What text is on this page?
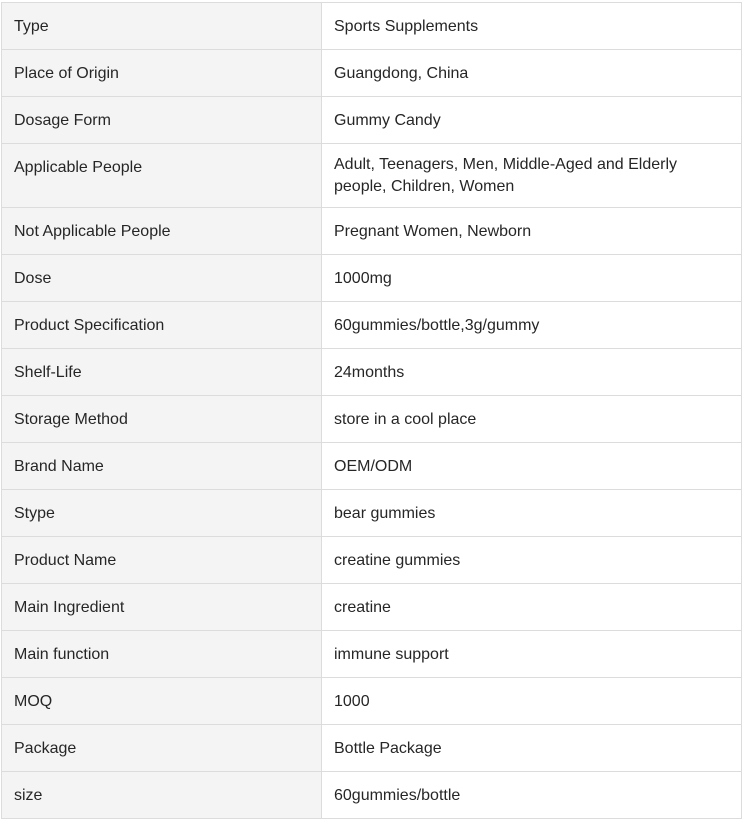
Type	Sports Supplements
Place of Origin	Guangdong, China
Dosage Form	Gummy Candy
Applicable People	Adult, Teenagers, Men, Middle-Aged and Elderly people, Children, Women
Not Applicable People	Pregnant Women, Newborn
Dose	1000mg
Product Specification	60gummies/bottle,3g/gummy
Shelf-Life	24months
Storage Method	store in a cool place
Brand Name	OEM/ODM
Stype	bear gummies
Product Name	creatine gummies
Main Ingredient	creatine
Main function	immune support
MOQ	1000
Package	Bottle Package
size	60gummies/bottle
